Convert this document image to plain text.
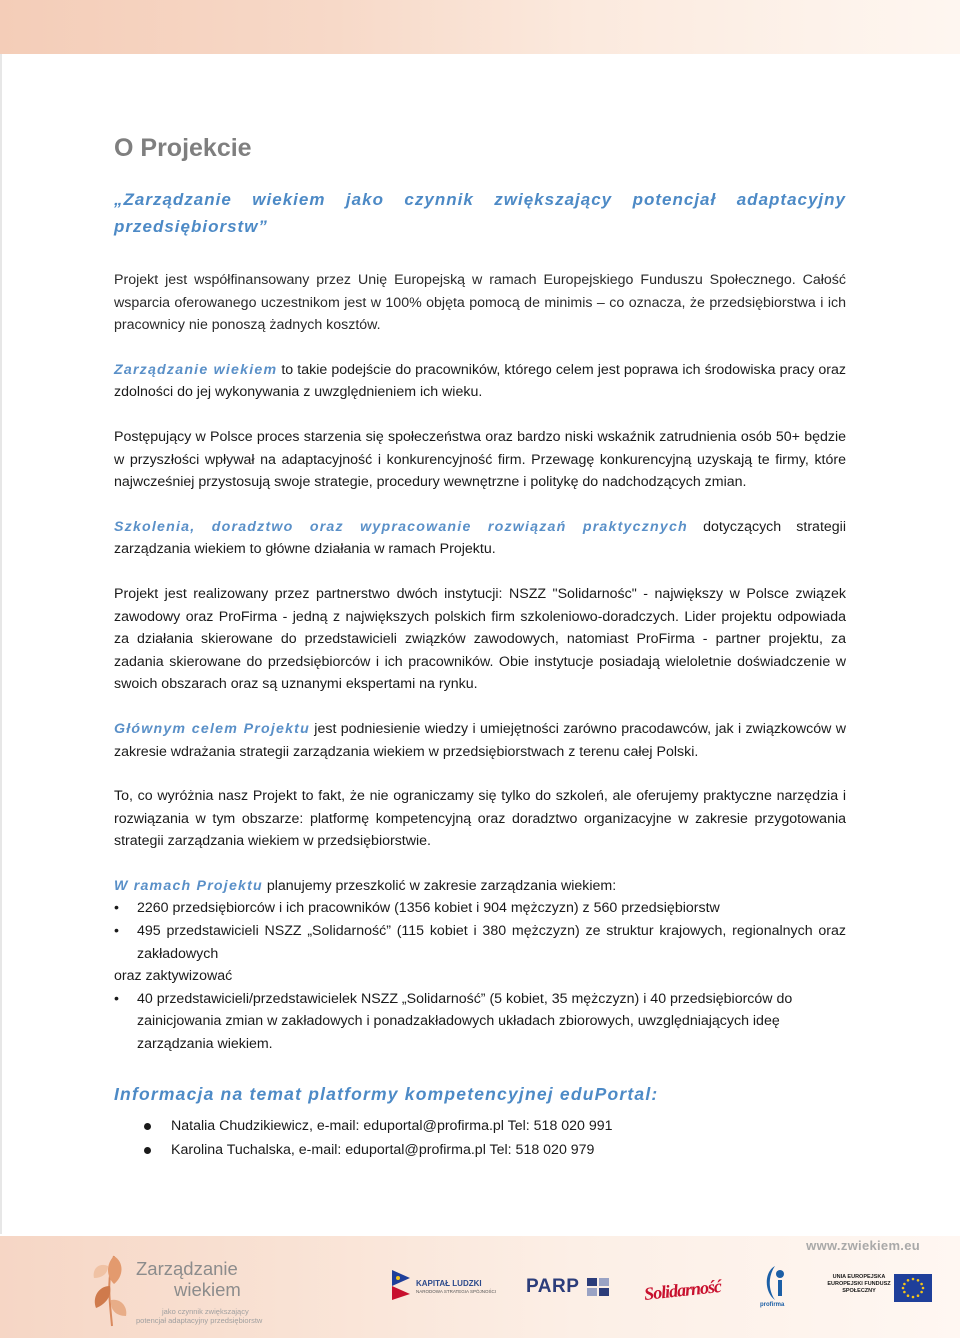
O Projekcie
„Zarządzanie wiekiem jako czynnik zwiększający potencjał adaptacyjny przedsiębiorstw”

Projekt jest współfinansowany przez Unię Europejską w ramach Europejskiego Funduszu Społecznego. Całość wsparcia oferowanego uczestnikom jest w 100% objęta pomocą de minimis – co oznacza, że przedsiębiorstwa i ich pracownicy nie ponoszą żadnych kosztów.

Zarządzanie wiekiem to takie podejście do pracowników, którego celem jest poprawa ich środowiska pracy oraz zdolności do jej wykonywania z uwzględnieniem ich wieku.

Postępujący w Polsce proces starzenia się społeczeństwa oraz bardzo niski wskaźnik zatrudnienia osób 50+ będzie w przyszłości wpływał na adaptacyjność i konkurencyjność firm. Przewagę konkurencyjną uzyskają te firmy, które najwcześniej przystosują swoje strategie, procedury wewnętrzne i politykę do nadchodzących zmian.

Szkolenia, doradztwo oraz wypracowanie rozwiązań praktycznych dotyczących strategii zarządzania wiekiem to główne działania w ramach Projektu.

Projekt jest realizowany przez partnerstwo dwóch instytucji: NSZZ "Solidarnośc" - największy w Polsce związek zawodowy oraz ProFirma - jedną z największych polskich firm szkoleniowo-doradczych. Lider projektu odpowiada za działania skierowane do przedstawicieli związków zawodowych, natomiast ProFirma - partner projektu, za zadania skierowane do przedsiębiorców i ich pracowników. Obie instytucje posiadają wieloletnie doświadczenie w swoich obszarach oraz są uznanymi ekspertami na rynku.

Głównym celem Projektu jest podniesienie wiedzy i umiejętności zarówno pracodawców, jak i związkowców w zakresie wdrażania strategii zarządzania wiekiem w przedsiębiorstwach z terenu całej Polski.

To, co wyróżnia nasz Projekt to fakt, że nie ograniczamy się tylko do szkoleń, ale oferujemy praktyczne narzędzia i rozwiązania w tym obszarze: platformę kompetencyjną oraz doradztwo organizacyjne w zakresie przygotowania strategii zarządzania wiekiem w przedsiębiorstwie.

W ramach Projektu planujemy przeszkolić w zakresie zarządzania wiekiem:

• 2260 przedsiębiorców i ich pracowników (1356 kobiet i 904 mężczyzn) z 560 przedsiębiorstw
• 495 przedstawicieli NSZZ „Solidarność” (115 kobiet i 380 mężczyzn) ze struktur krajowych, regionalnych oraz zakładowych
oraz zaktywizować
• 40 przedstawicieli/przedstawicielek NSZZ „Solidarność” (5 kobiet, 35 mężczyzn) i 40 przedsiębiorców do zainicjowania zmian w zakładowych i ponadzakładowych układach zbiorowych, uwzględniających ideę zarządzania wiekiem.
Informacja na temat platformy kompetencyjnej eduPortal:
Natalia Chudzikiewicz, e-mail: eduportal@profirma.pl Tel: 518 020 991
Karolina Tuchalska, e-mail: eduportal@profirma.pl Tel: 518 020 979
www.zwiekiem.eu
Zarządzanie
wiekiem
jako czynnik zwiększający
potencjał adaptacyjny przedsiębiorstw
KAPITAŁ LUDZKI
NARODOWA STRATEGIA SPÓJNOŚCI PARP	Solidarność
profirma
UNIA EUROPEJSKA EUROPEJSKI FUNDUSZ SPOŁECZNY
